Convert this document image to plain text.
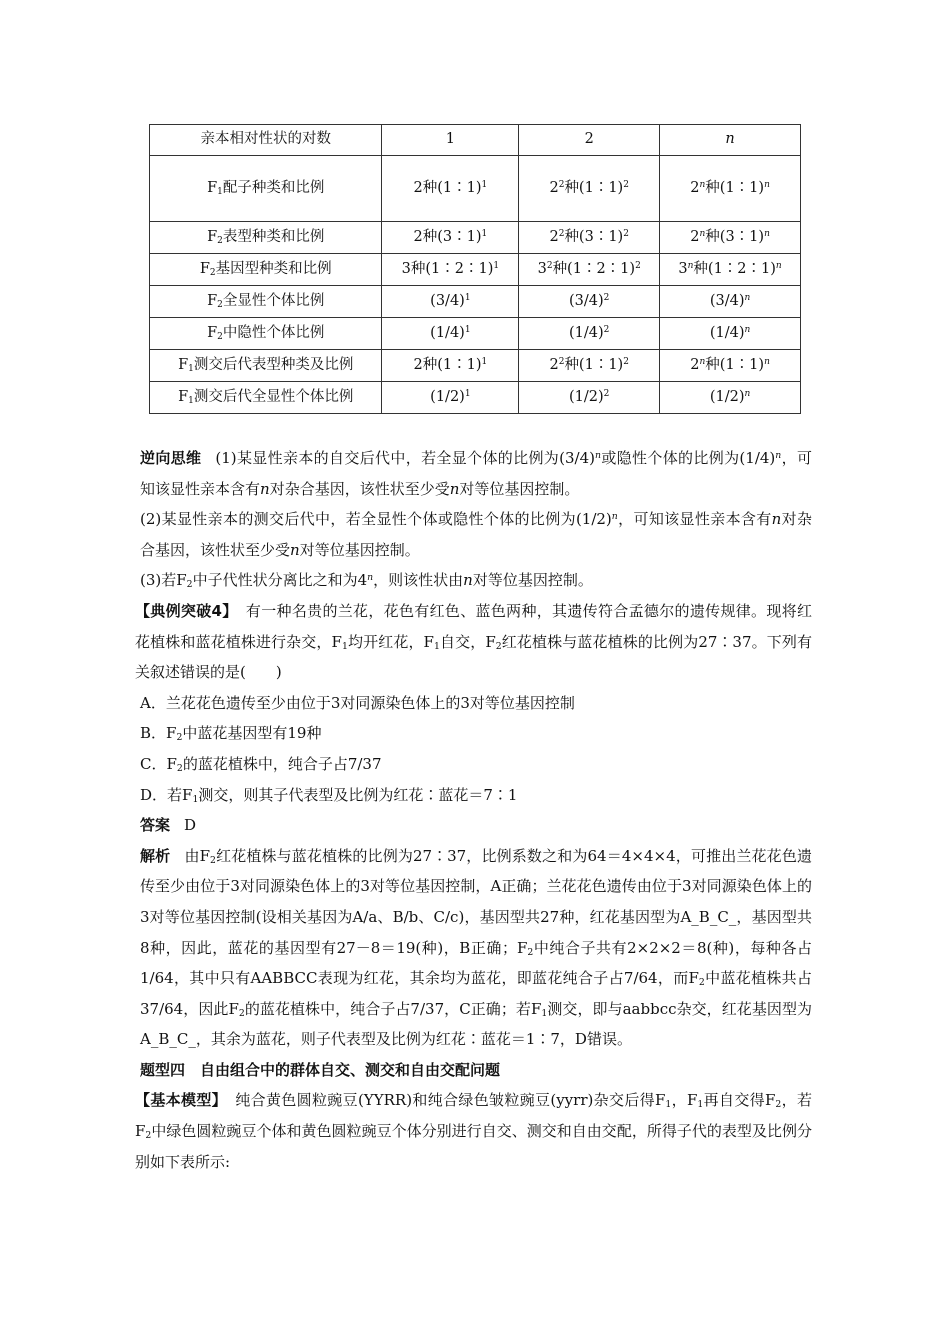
亲本相对性状的对数	1	2	n
$F_1$配子种类和比例	2种(1∶1)$^1$	$2^2$种(1∶1)$^2$	2$^n$种(1∶1)$^n$
$F_2$表型种类和比例	2种(3∶1)$^1$	$2^2$种(3∶1)$^2$	2$^n$种(3∶1)$^n$
$F_2$基因型种类和比例	3种(1∶2∶1)$^1$	$3^2$种(1∶2∶1)$^2$	3$^n$种(1∶2∶1)$^n$
$F_2$全显性个体比例	$(3/4)^1$	$(3/4)^2$	$(3/4)^n$
$F_2$中隐性个体比例	$(1/4)^1$	$(1/4)^2$	$(1/4)^n$
$F_1$测交后代表型种类及比例	2种(1∶1)$^1$	$2^2$种(1∶1)$^2$	2$^n$种(1∶1)$^n$
$F_1$测交后代全显性个体比例	$(1/2)^1$	$(1/2)^2$	$(1/2)^n$

逆向思维 (1)某显性亲本的自交后代中，若全显个体的比例为$(3/4)^n$或隐性个体的比例为$(1/4)^n$，可知该显性亲本含有n对杂合基因，该性状至少受n对等位基因控制。

(2)某显性亲本的测交后代中，若全显性个体或隐性个体的比例为$(1/2)^n$，可知该显性亲本含有n对杂合基因，该性状至少受n对等位基因控制。

(3)若$F_2$中子代性状分离比之和为4$^n$，则该性状由n对等位基因控制。

【典例突破4】 有一种名贵的兰花，花色有红色、蓝色两种，其遗传符合孟德尔的遗传规律。现将红花植株和蓝花植株进行杂交，$F_1$均开红花，$F_1$自交，$F_2$红花植株与蓝花植株的比例为27∶37。下列有关叙述错误的是(　　)

A．兰花花色遗传至少由位于3对同源染色体上的3对等位基因控制

B．$F_2$中蓝花基因型有19种

C．$F_2$的蓝花植株中，纯合子占7/37

D．若$F_1$测交，则其子代表型及比例为红花∶蓝花＝7∶1

答案 D

解析 由$F_2$红花植株与蓝花植株的比例为27∶37，比例系数之和为64＝4×4×4，可推出兰花花色遗传至少由位于3对同源染色体上的3对等位基因控制，A正确；兰花花色遗传由位于3对同源染色体上的3对等位基因控制(设相关基因为A/a、B/b、C/c)，基因型共27种，红花基因型为A_B_C_，基因型共8种，因此，蓝花的基因型有27－8＝19(种)，B正确；$F_2$中纯合子共有2×2×2＝8(种)，每种各占1/64，其中只有AABBCC表现为红花，其余均为蓝花，即蓝花纯合子占7/64，而$F_2$中蓝花植株共占37/64，因此$F_2$的蓝花植株中，纯合子占7/37，C正确；若$F_1$测交，即与aabbcc杂交，红花基因型为A_B_C_，其余为蓝花，则子代表型及比例为红花∶蓝花＝1∶7，D错误。

题型四　自由组合中的群体自交、测交和自由交配问题

【基本模型】 纯合黄色圆粒豌豆(YYRR)和纯合绿色皱粒豌豆(yyrr)杂交后得$F_1$，$F_1$再自交得$F_2$，若$F_2$中绿色圆粒豌豆个体和黄色圆粒豌豆个体分别进行自交、测交和自由交配，所得子代的表型及比例分别如下表所示:
